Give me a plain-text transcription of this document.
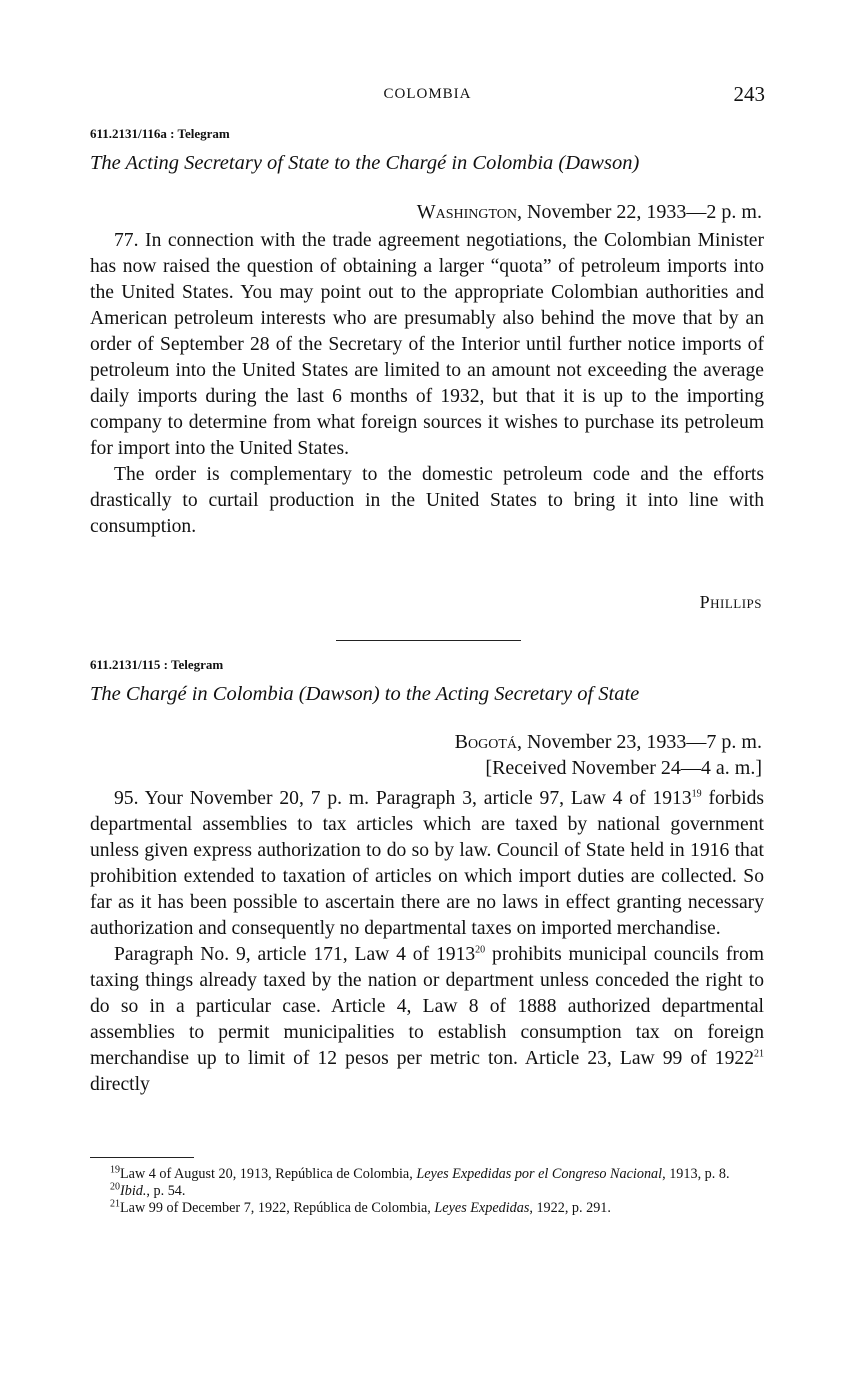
COLOMBIA	243
611.2131/116a : Telegram
The Acting Secretary of State to the Chargé in Colombia (Dawson)
Washington, November 22, 1933—2 p. m.

77. In connection with the trade agreement negotiations, the Colombian Minister has now raised the question of obtaining a larger “quota” of petroleum imports into the United States. You may point out to the appropriate Colombian authorities and American petroleum interests who are presumably also behind the move that by an order of September 28 of the Secretary of the Interior until further notice imports of petroleum into the United States are limited to an amount not exceeding the average daily imports during the last 6 months of 1932, but that it is up to the importing company to determine from what foreign sources it wishes to purchase its petroleum for import into the United States.

The order is complementary to the domestic petroleum code and the efforts drastically to curtail production in the United States to bring it into line with consumption.

Phillips
611.2131/115 : Telegram
The Chargé in Colombia (Dawson) to the Acting Secretary of State
Bogotá, November 23, 1933—7 p. m.
[Received November 24—4 a. m.]

95. Your November 20, 7 p. m. Paragraph 3, article 97, Law 4 of 1913$^{19}$ forbids departmental assemblies to tax articles which are taxed by national government unless given express authorization to do so by law. Council of State held in 1916 that prohibition extended to taxation of articles on which import duties are collected. So far as it has been possible to ascertain there are no laws in effect granting necessary authorization and consequently no departmental taxes on imported merchandise.

Paragraph No. 9, article 171, Law 4 of 1913$^{20}$ prohibits municipal councils from taxing things already taxed by the nation or department unless conceded the right to do so in a particular case. Article 4, Law 8 of 1888 authorized departmental assemblies to permit municipalities to establish consumption tax on foreign merchandise up to limit of 12 pesos per metric ton. Article 23, Law 99 of 1922$^{21}$ directly

$^{19}$Law 4 of August 20, 1913, República de Colombia, Leyes Expedidas por el Congreso Nacional, 1913, p. 8.

$^{20}$Ibid., p. 54.

$^{21}$Law 99 of December 7, 1922, República de Colombia, Leyes Expedidas, 1922, p. 291.
